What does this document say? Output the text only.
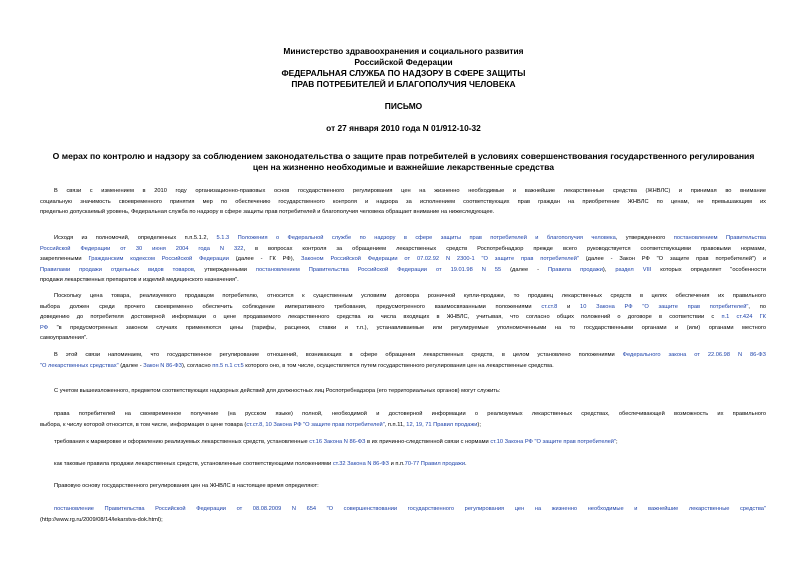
Министерство здравоохранения и социального развития
Российской Федерации
ФЕДЕРАЛЬНАЯ СЛУЖБА ПО НАДЗОРУ В СФЕРЕ ЗАЩИТЫ
ПРАВ ПОТРЕБИТЕЛЕЙ И БЛАГОПОЛУЧИЯ ЧЕЛОВЕКА
ПИСЬМО
от 27 января 2010 года N 01/912-10-32
О мерах по контролю и надзору за соблюдением законодательства о защите прав потребителей в условиях совершенствования государственного регулирования
цен на жизненно необходимые и важнейшие лекарственные средства
В связи с изменением в 2010 году организационно-правовых основ государственного регулирования цен на жизненно необходимые и важнейшие лекарственные средства (ЖНВЛС) и принимая во внимание
социальную значимость своевременного принятия мер по обеспечению государственного контроля и надзора за исполнением соответствующих прав граждан на приобретение ЖНВЛС по ценам, не превышающим их
предельно допускаемый уровень, Федеральная служба по надзору в сфере защиты прав потребителей и благополучия человека обращает внимание на нижеследующее.
Исходя из полномочий, определенных п.п.5.1.2, 5.1.3 Положения о Федеральной службе по надзору в сфере защиты прав потребителей и благополучия человека, утвержденного постановлением Правительства
Российской Федерации от 30 июня 2004 года N 322, в вопросах контроля за обращением лекарственных средств Роспотребнадзор прежде всего руководствуется соответствующими правовыми нормами,
закрепленными Гражданским кодексом Российской Федерации (далее - ГК РФ), Законом Российской Федерации от 07.02.92 N 2300-1 "О защите прав потребителей" (далее - Закон РФ "О защите прав потребителей") и
Правилами продажи отдельных видов товаров, утвержденными постановлением Правительства Российской Федерации от 19.01.98 N 55 (далее - Правила продажи), раздел VIII которых определяет "особенности
продажи лекарственных препаратов и изделий медицинского назначения".
Поскольку цена товара, реализуемого продавцом потребителю, относится к существенным условиям договора розничной купли-продажи, то продавец лекарственных средств в целях обеспечения их правильного
выбора должен среди прочего своевременно обеспечить соблюдение императивного требования, предусмотренного взаимосвязанными положениями ст.ст.8 и 10 Закона РФ "О защите прав потребителей", по
доведению до потребителя достоверной информации о цене продаваемого лекарственного средства из числа входящих в ЖНВЛС, учитывая, что согласно общих положений о договоре в соответствии с п.1 ст.424 ГК
РФ "в предусмотренных законом случаях применяются цены (тарифы, расценки, ставки и т.п.), устанавливаемые или регулируемые уполномоченными на то государственными органами и (или) органами местного
самоуправления".
В этой связи напоминаем, что государственное регулирование отношений, возникающих в сфере обращения лекарственных средств, в целом установлено положениями Федерального закона от 22.06.98 N 86-ФЗ
"О лекарственных средствах" (далее - Закон N 86-ФЗ), согласно пп.5 п.1 ст.5 которого оно, в том числе, осуществляется путем государственного регулирования цен на лекарственные средства.
С учетом вышеизложенного, предметом соответствующих надзорных действий для должностных лиц Роспотребнадзора (его территориальных органов) могут служить:
права потребителей на своевременное получение (на русском языке) полной, необходимой и достоверной информации о реализуемых лекарственных средствах, обеспечивающей возможность их правильного
выбора, к числу которой относится, в том числе, информация о цене товара (ст.ст.8, 10 Закона РФ "О защите прав потребителей", п.п.11, 12, 19, 71 Правил продажи);
требования к маркировке и оформлению реализуемых лекарственных средств, установленные ст.16 Закона N 86-ФЗ в их причинно-следственной связи с нормами ст.10 Закона РФ "О защите прав потребителей";
как таковые правила продажи лекарственных средств, установленные соответствующими положениями ст.32 Закона N 86-ФЗ и п.п.70-77 Правил продажи.
Правовую основу государственного регулирования цен на ЖНВЛС в настоящее время определяют:
постановление Правительства Российской Федерации от 08.08.2009 N 654 "О совершенствовании государственного регулирования цен на жизненно необходимые и важнейшие лекарственные средства"
(http://www.rg.ru/2009/08/14/lekarstva-dok.html);
